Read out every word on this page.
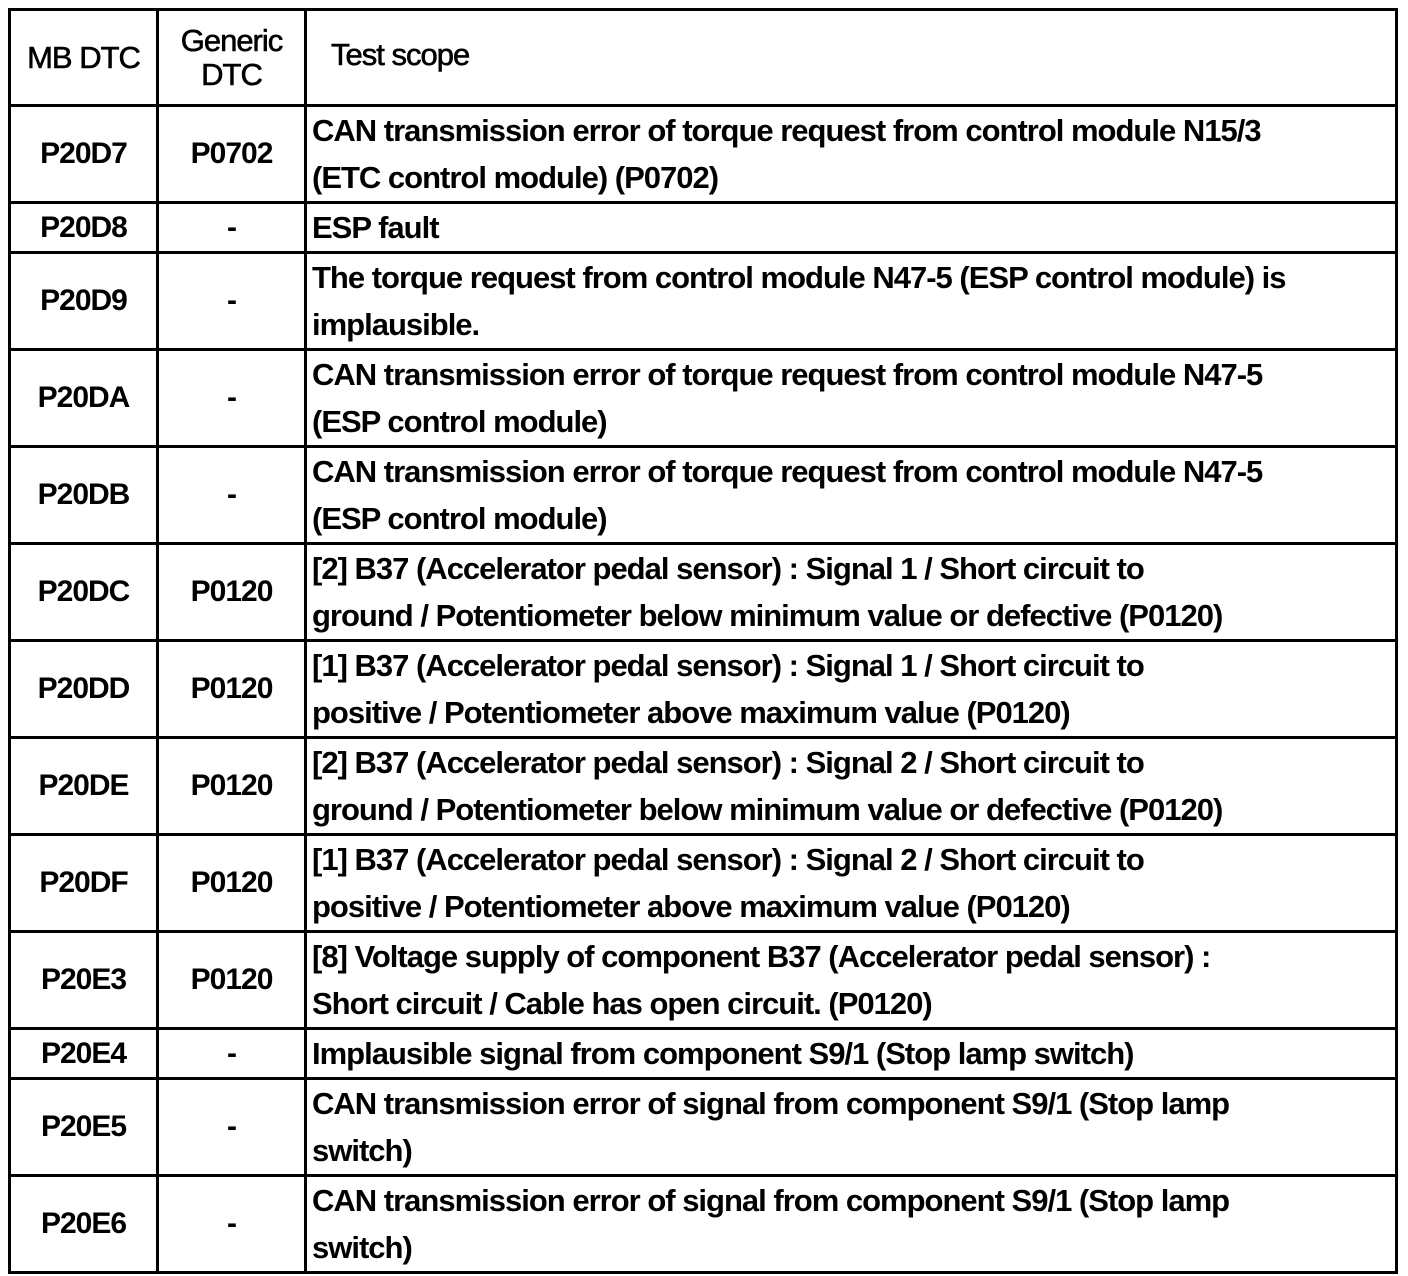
MB DTC	Generic
DTC	Test scope
P20D7	P0702	CAN transmission error of torque request from control module N15/3
(ETC control module) (P0702)

P20D8	-	ESP fault

P20D9	-	The torque request from control module N47-5 (ESP control module) is
implausible.

P20DA	-	CAN transmission error of torque request from control module N47-5
(ESP control module)

P20DB	-	CAN transmission error of torque request from control module N47-5
(ESP control module)

P20DC	P0120	[2] B37 (Accelerator pedal sensor) : Signal 1 / Short circuit to
ground / Potentiometer below minimum value or defective (P0120)

P20DD	P0120	[1] B37 (Accelerator pedal sensor) : Signal 1 / Short circuit to
positive / Potentiometer above maximum value (P0120)

P20DE	P0120	[2] B37 (Accelerator pedal sensor) : Signal 2 / Short circuit to
ground / Potentiometer below minimum value or defective (P0120)

P20DF	P0120	[1] B37 (Accelerator pedal sensor) : Signal 2 / Short circuit to
positive / Potentiometer above maximum value (P0120)

P20E3	P0120	[8] Voltage supply of component B37 (Accelerator pedal sensor) :
Short circuit / Cable has open circuit. (P0120)

P20E4	-	Implausible signal from component S9/1 (Stop lamp switch)

P20E5	-	CAN transmission error of signal from component S9/1 (Stop lamp
switch)

P20E6	-	CAN transmission error of signal from component S9/1 (Stop lamp
switch)
